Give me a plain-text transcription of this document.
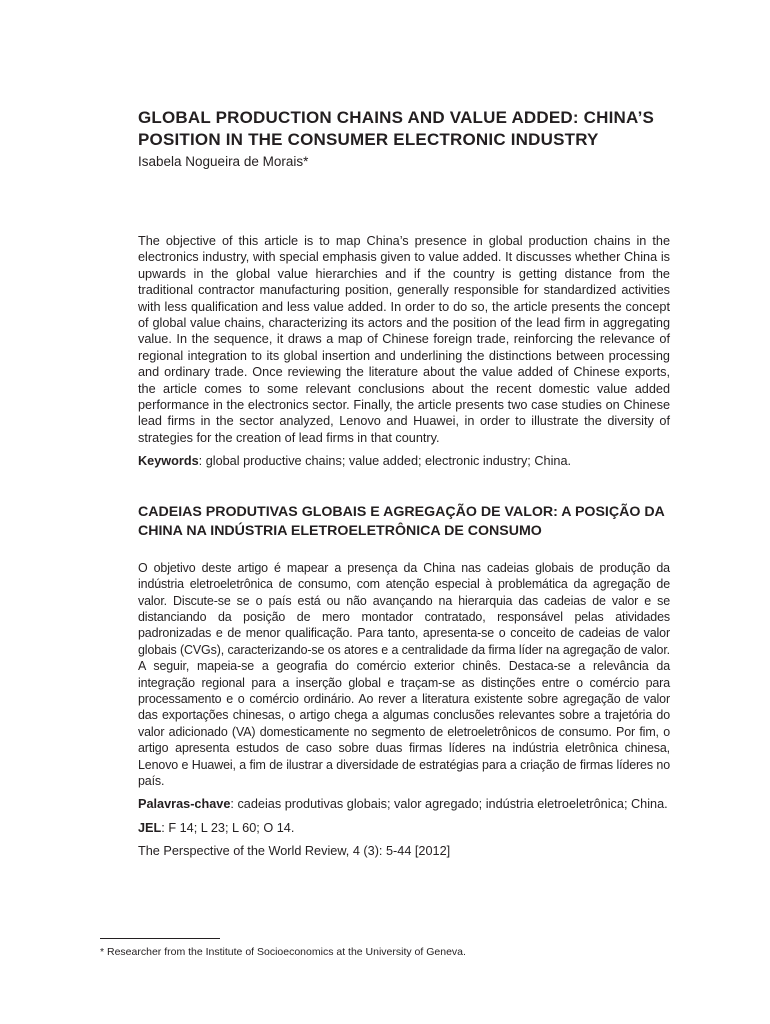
GLOBAL PRODUCTION CHAINS AND VALUE ADDED: CHINA’S POSITION IN THE CONSUMER ELECTRONIC INDUSTRY

Isabela Nogueira de Morais*

The objective of this article is to map China’s presence in global production chains in the electronics industry, with special emphasis given to value added. It discusses whether China is upwards in the global value hierarchies and if the country is getting distance from the traditional contractor manufacturing position, generally responsible for standardized activities with less qualification and less value added. In order to do so, the article presents the concept of global value chains, characterizing its actors and the position of the lead firm in aggregating value. In the sequence, it draws a map of Chinese foreign trade, reinforcing the relevance of regional integration to its global insertion and underlining the distinctions between processing and ordinary trade. Once reviewing the literature about the value added of Chinese exports, the article comes to some relevant conclusions about the recent domestic value added performance in the electronics sector. Finally, the article presents two case studies on Chinese lead firms in the sector analyzed, Lenovo and Huawei, in order to illustrate the diversity of strategies for the creation of lead firms in that country.

Keywords: global productive chains; value added; electronic industry; China.

CADEIAS PRODUTIVAS GLOBAIS E AGREGAÇÃO DE VALOR: A POSIÇÃO DA CHINA NA INDÚSTRIA ELETROELETRÔNICA DE CONSUMO

O objetivo deste artigo é mapear a presença da China nas cadeias globais de produção da indústria eletroeletrônica de consumo, com atenção especial à problemática da agregação de valor. Discute-se se o país está ou não avançando na hierarquia das cadeias de valor e se distanciando da posição de mero montador contratado, responsável pelas atividades padronizadas e de menor qualificação. Para tanto, apresenta-se o conceito de cadeias de valor globais (CVGs), caracterizando-se os atores e a centralidade da firma líder na agregação de valor. A seguir, mapeia-se a geografia do comércio exterior chinês. Destaca-se a relevância da integração regional para a inserção global e traçam-se as distinções entre o comércio para processamento e o comércio ordinário. Ao rever a literatura existente sobre agregação de valor das exportações chinesas, o artigo chega a algumas conclusões relevantes sobre a trajetória do valor adicionado (VA) domesticamente no segmento de eletroeletrônicos de consumo. Por fim, o artigo apresenta estudos de caso sobre duas firmas líderes na indústria eletrônica chinesa, Lenovo e Huawei, a fim de ilustrar a diversidade de estratégias para a criação de firmas líderes no país.

Palavras-chave: cadeias produtivas globais; valor agregado; indústria eletroeletrônica; China.

JEL: F 14; L 23; L 60; O 14.

The Perspective of the World Review, 4 (3): 5-44 [2012]

* Researcher from the Institute of Socioeconomics at the University of Geneva.
